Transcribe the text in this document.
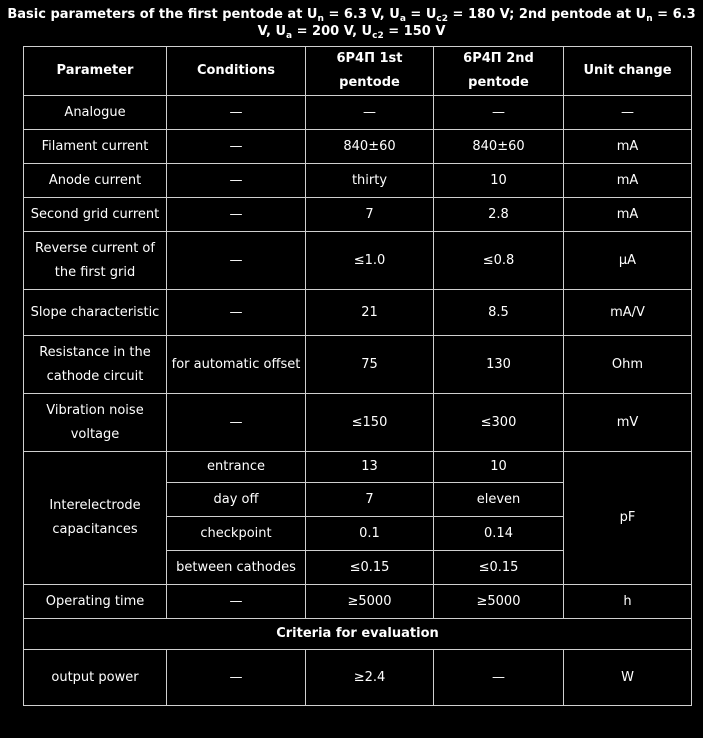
Basic parameters of the first pentode at $U_n = 6.3$ V, $U_a = U_{c2} = 180$ V; 2nd pentode at $U_n = 6.3$
V, $U_a = 200$ V, $U_{c2} = 150$ V
Parameter	Conditions	6P4П 1st pentode	6P4П 2nd pentode	Unit change
Analogue	—	—	—	—
Filament current	—	840±60	840±60	mA
Anode current	—	thirty	10	mA
Second grid current	—	7	2.8	mA

Reverse current of
the first grid	—	≤1.0	≤0.8	μA
Slope characteristic	—	21	8.5	mA/V

Resistance in the
cathode circuit	for automatic offset	75	130	Ohm

Vibration noise
voltage	—	≤150	≤300	mV

Interelectrode
capacitances	entrance	13	10	pF
	day off	7	eleven	
	checkpoint	0.1	0.14	
	between cathodes	≤0.15	≤0.15	
Operating time	—	≥5000	≥5000	h
Criteria for evaluation				
output power	—	≥2.4	—	W
